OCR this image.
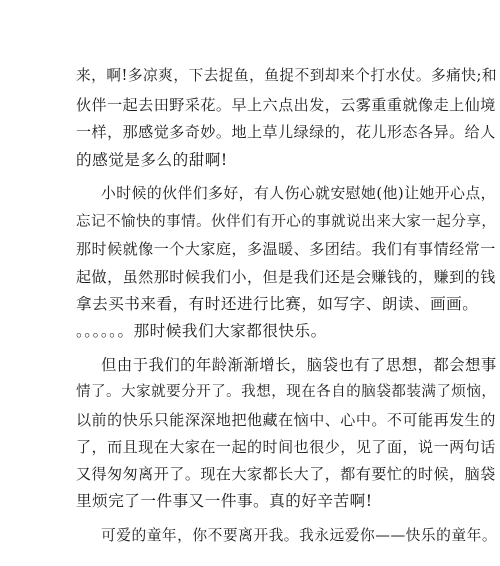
来，啊!多凉爽，下去捉鱼，鱼捉不到却来个打水仗。多痛快;和
伙伴一起去田野采花。早上六点出发，云雾重重就像走上仙境
一样，那感觉多奇妙。地上草儿绿绿的，花儿形态各异。给人
的感觉是多么的甜啊!
小时候的伙伴们多好，有人伤心就安慰她(他)让她开心点，
忘记不愉快的事情。伙伴们有开心的事就说出来大家一起分享，
那时候就像一个大家庭，多温暖、多团结。我们有事情经常一
起做，虽然那时候我们小，但是我们还是会赚钱的，赚到的钱
拿去买书来看，有时还进行比赛，如写字、朗读、画画。
。。。。。。那时候我们大家都很快乐。
但由于我们的年龄渐渐增长，脑袋也有了思想，都会想事
情了。大家就要分开了。我想，现在各自的脑袋都装满了烦恼，
以前的快乐只能深深地把他藏在恼中、心中。不可能再发生的
了，而且现在大家在一起的时间也很少，见了面，说一两句话
又得匆匆离开了。现在大家都长大了，都有要忙的时候，脑袋
里烦完了一件事又一件事。真的好辛苦啊!
可爱的童年，你不要离开我。我永远爱你——快乐的童年。
